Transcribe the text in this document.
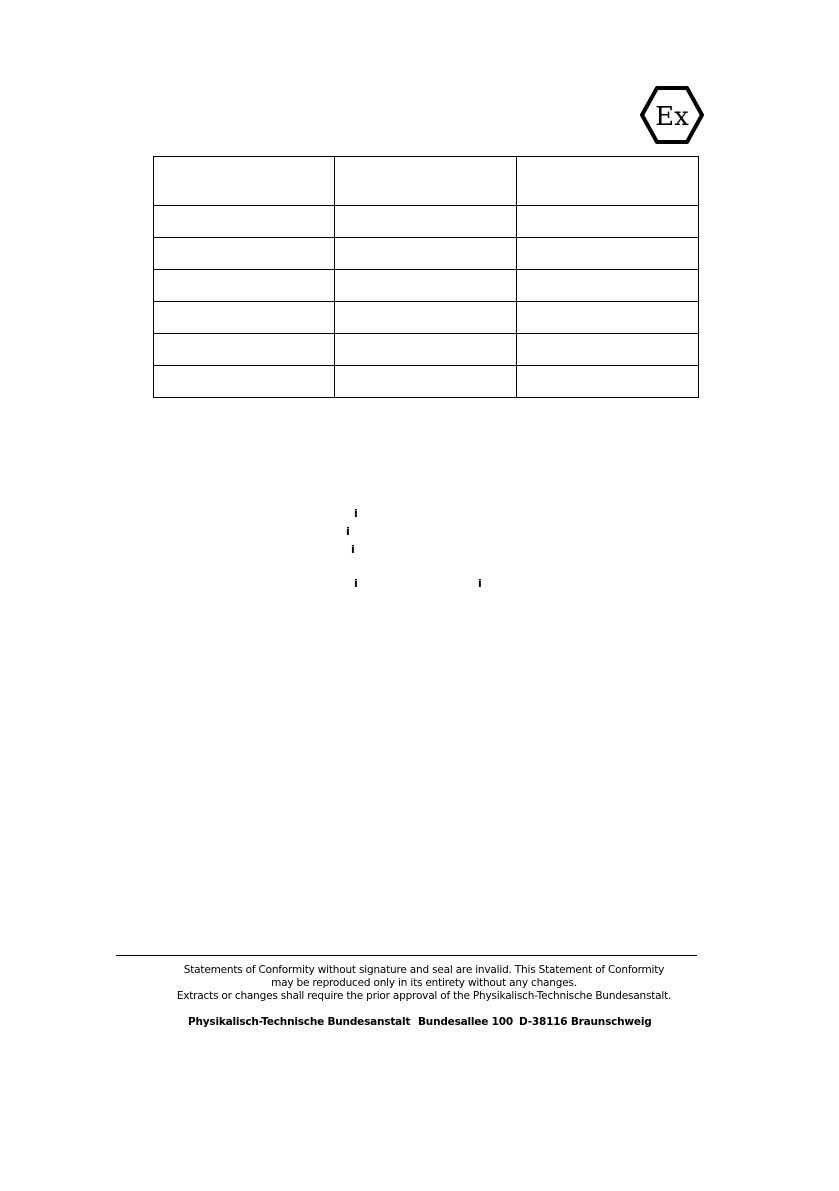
Ex

i
i
i
i	i
Statements of Conformity without signature and seal are invalid. This Statement of Conformity
may be reproduced only in its entirety without any changes.
Extracts or changes shall require the prior approval of the Physikalisch-Technische Bundesanstalt.
Physikalisch-Technische Bundesanstalt Bundesallee 100 D-38116 Braunschweig
